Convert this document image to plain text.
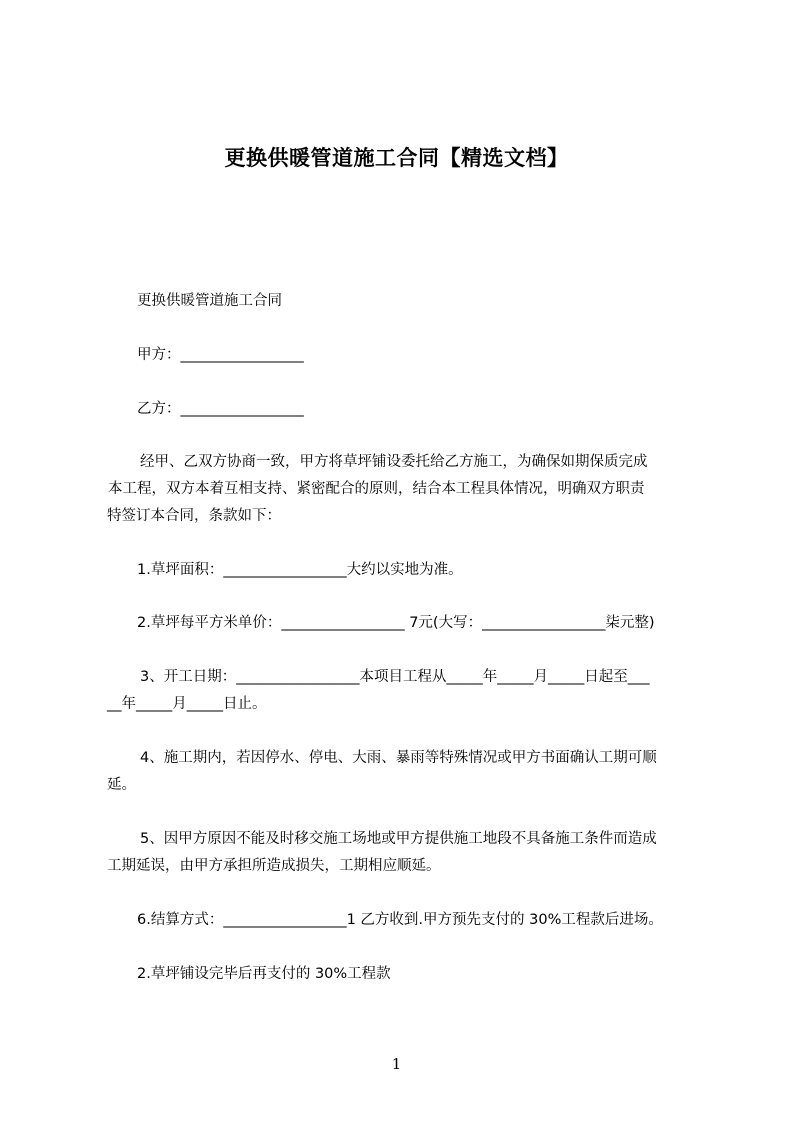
更换供暖管道施工合同【精选文档】
更换供暖管道施工合同
甲方：_________________
乙方：_________________
经甲、乙双方协商一致，甲方将草坪铺设委托给乙方施工，为确保如期保质完成
本工程，双方本着互相支持、紧密配合的原则，结合本工程具体情况，明确双方职责
特签订本合同，条款如下：
1.草坪面积：_________________大约以实地为准。
2.草坪每平方米单价：_________________ 7元(大写：_________________柒元整)
3、开工日期：_________________本项目工程从_____年_____月_____日起至___
__年_____月_____日止。
4、施工期内，若因停水、停电、大雨、暴雨等特殊情况或甲方书面确认工期可顺
延。
5、因甲方原因不能及时移交施工场地或甲方提供施工地段不具备施工条件而造成
工期延误，由甲方承担所造成损失，工期相应顺延。
6.结算方式：_________________1 乙方收到.甲方预先支付的 30%工程款后进场。
2.草坪铺设完毕后再支付的 30%工程款
1
